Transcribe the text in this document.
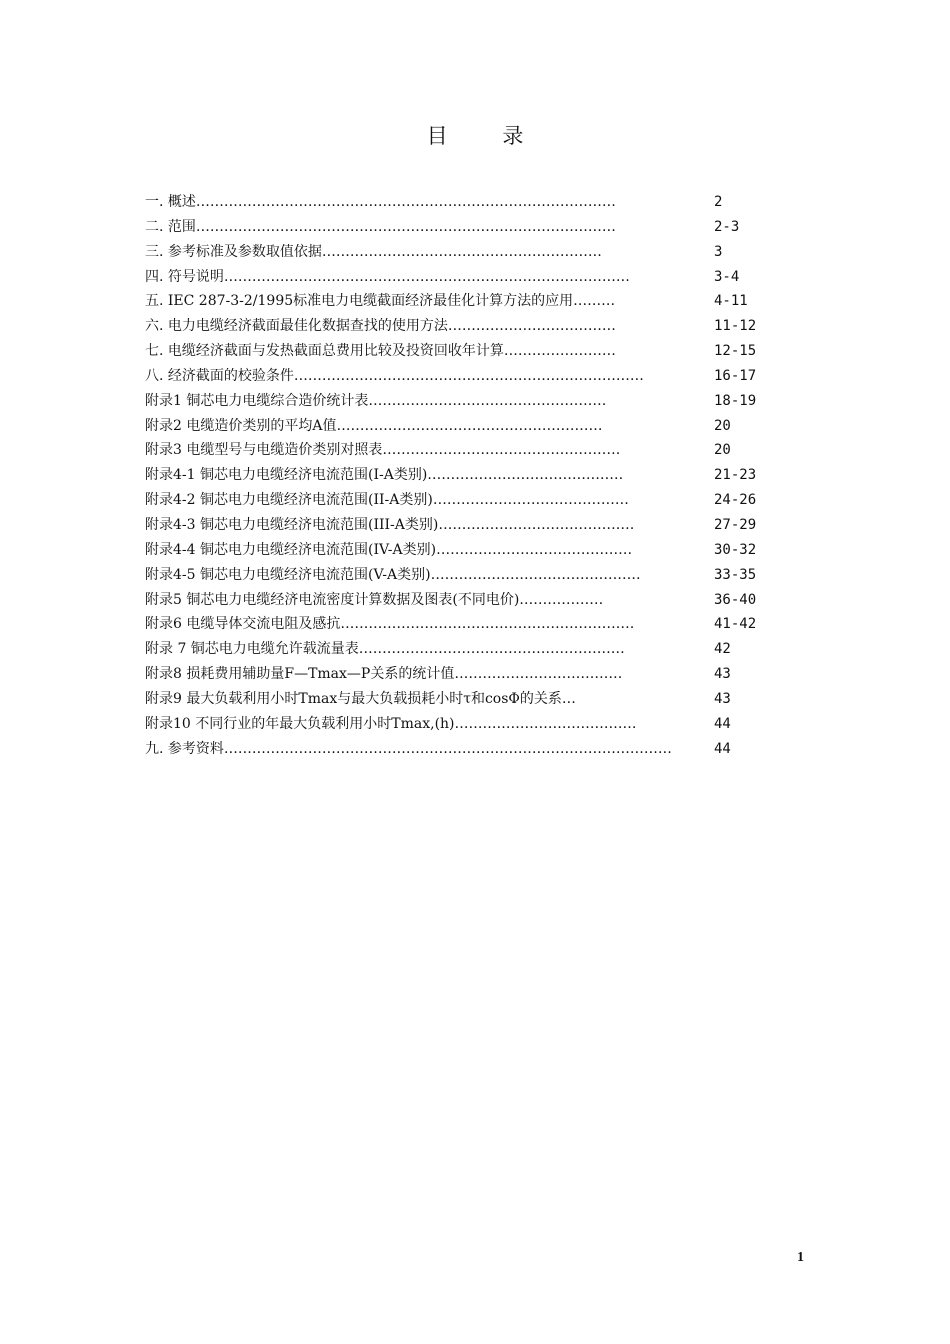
目 录
一. 概述………………………………………………………………………………	2
二. 范围………………………………………………………………………………	2-3
三. 参考标准及参数取值依据……………………………………………………	3
四. 符号说明……………………………………………………………………………	3-4
五. IEC 287-3-2/1995标准电力电缆截面经济最佳化计算方法的应用………	4-11
六. 电力电缆经济截面最佳化数据查找的使用方法………………………………	11-12
七. 电缆经济截面与发热截面总费用比较及投资回收年计算……………………	12-15
八. 经济截面的校验条件…………………………………………………………………	16-17
附录1 铜芯电力电缆综合造价统计表……………………………………………	18-19
附录2 电缆造价类别的平均A值…………………………………………………	20
附录3 电缆型号与电缆造价类别对照表……………………………………………	20
附录4-1 铜芯电力电缆经济电流范围(I-A类别)……………………………………	21-23
附录4-2 铜芯电力电缆经济电流范围(II-A类别)……………………………………	24-26
附录4-3 铜芯电力电缆经济电流范围(III-A类别)……………………………………	27-29
附录4-4 铜芯电力电缆经济电流范围(IV-A类别)……………………………………	30-32
附录4-5 铜芯电力电缆经济电流范围(V-A类别)………………………………………	33-35
附录5 铜芯电力电缆经济电流密度计算数据及图表(不同电价)………………	36-40
附录6 电缆导体交流电阻及感抗………………………………………………………	41-42
附录 7 铜芯电力电缆允许载流量表…………………………………………………	42
附录8 损耗费用辅助量F—Tmax—P关系的统计值………………………………	43
附录9 最大负载利用小时Tmax与最大负载损耗小时τ和cosΦ的关系…	43
附录10 不同行业的年最大负载利用小时Tmax,(h)…………………………………	44
九. 参考资料……………………………………………………………………………………	44
1
